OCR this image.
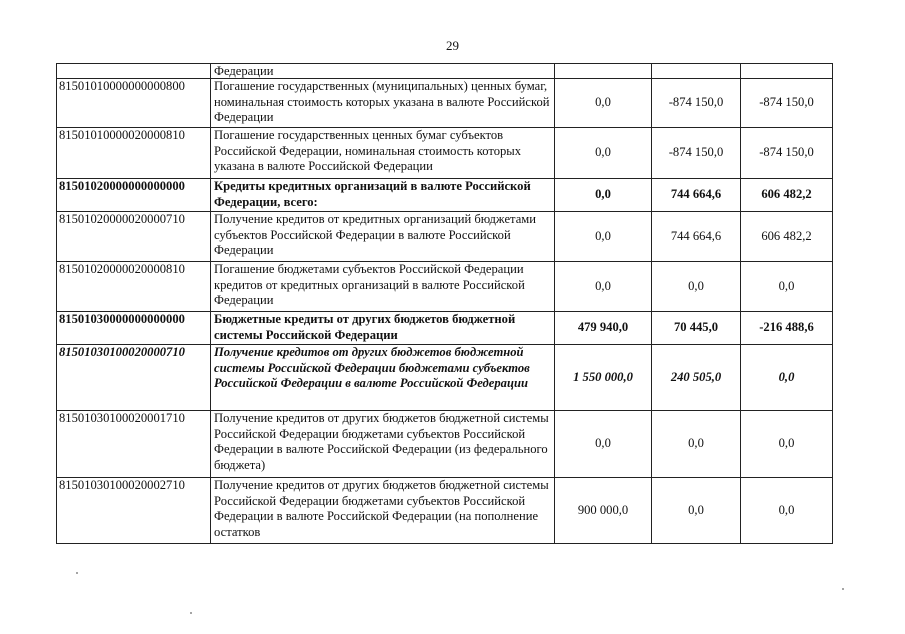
29
	Федерации			
81501010000000000800	Погашение государственных (муниципальных) ценных бумаг, номинальная стоимость которых указана в валюте Российской Федерации	0,0	-874 150,0	-874 150,0
81501010000020000810	Погашение государственных ценных бумаг субъектов Российской Федерации, номинальная стоимость которых указана в валюте Российской Федерации	0,0	-874 150,0	-874 150,0
81501020000000000000	Кредиты кредитных организаций в валюте Российской Федерации, всего:	0,0	744 664,6	606 482,2
81501020000020000710	Получение кредитов от кредитных организаций бюджетами субъектов Российской Федерации в валюте Российской Федерации	0,0	744 664,6	606 482,2
81501020000020000810	Погашение бюджетами субъектов Российской Федерации кредитов от кредитных организаций в валюте Российской Федерации	0,0	0,0	0,0
81501030000000000000	Бюджетные кредиты от других бюджетов бюджетной системы Российской Федерации	479 940,0	70 445,0	-216 488,6
81501030100020000710	Получение кредитов от других бюджетов бюджетной системы Российской Федерации бюджетами субъектов Российской Федерации в валюте Российской Федерации	1 550 000,0	240 505,0	0,0
81501030100020001710	Получение кредитов от других бюджетов бюджетной системы Российской Федерации бюджетами субъектов Российской Федерации в валюте Российской Федерации (из федерального бюджета)	0,0	0,0	0,0
81501030100020002710	Получение кредитов от других бюджетов бюджетной системы Российской Федерации бюджетами субъектов Российской Федерации в валюте Российской Федерации (на пополнение остатков	900 000,0	0,0	0,0
